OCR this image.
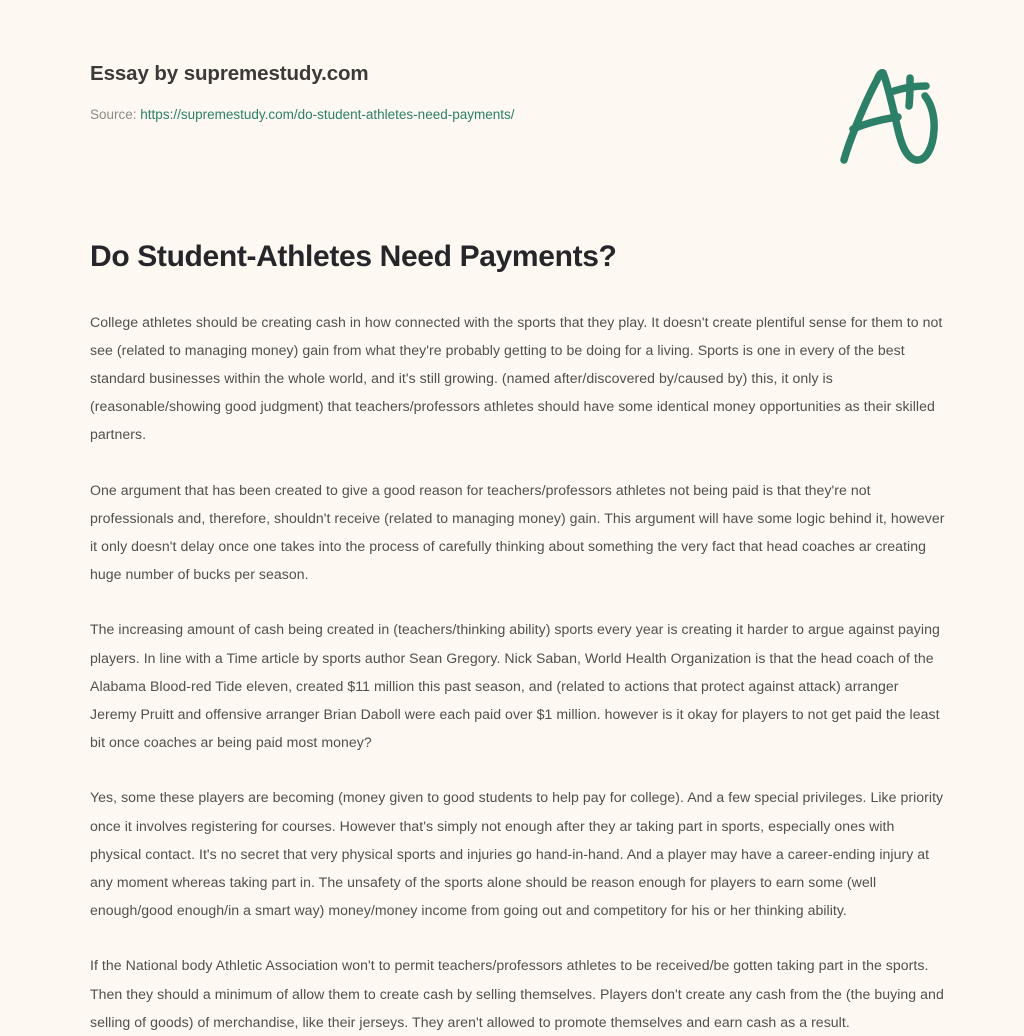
Essay by supremestudy.com
Source: https://supremestudy.com/do-student-athletes-need-payments/
Do Student-Athletes Need Payments?

College athletes should be creating cash in how connected with the sports that they play. It doesn't create plentiful sense for them to not see (related to managing money) gain from what they're probably getting to be doing for a living. Sports is one in every of the best standard businesses within the whole world, and it's still growing. (named after/discovered by/caused by) this, it only is (reasonable/showing good judgment) that teachers/professors athletes should have some identical money opportunities as their skilled partners.

One argument that has been created to give a good reason for teachers/professors athletes not being paid is that they're not professionals and, therefore, shouldn't receive (related to managing money) gain. This argument will have some logic behind it, however it only doesn't delay once one takes into the process of carefully thinking about something the very fact that head coaches ar creating huge number of bucks per season.

The increasing amount of cash being created in (teachers/thinking ability) sports every year is creating it harder to argue against paying players. In line with a Time article by sports author Sean Gregory. Nick Saban, World Health Organization is that the head coach of the Alabama Blood-red Tide eleven, created $11 million this past season, and (related to actions that protect against attack) arranger Jeremy Pruitt and offensive arranger Brian Daboll were each paid over $1 million. however is it okay for players to not get paid the least bit once coaches ar being paid most money?

Yes, some these players are becoming (money given to good students to help pay for college). And a few special privileges. Like priority once it involves registering for courses. However that's simply not enough after they ar taking part in sports, especially ones with physical contact. It's no secret that very physical sports and injuries go hand-in-hand. And a player may have a career-ending injury at any moment whereas taking part in. The unsafety of the sports alone should be reason enough for players to earn some (well enough/good enough/in a smart way) money/money income from going out and competitory for his or her thinking ability.

If the National body Athletic Association won't to permit teachers/professors athletes to be received/be gotten taking part in the sports. Then they should a minimum of allow them to create cash by selling themselves. Players don't create any cash from the (the buying and selling of goods) of merchandise, like their jerseys. They aren't allowed to promote themselves and earn cash as a result.
